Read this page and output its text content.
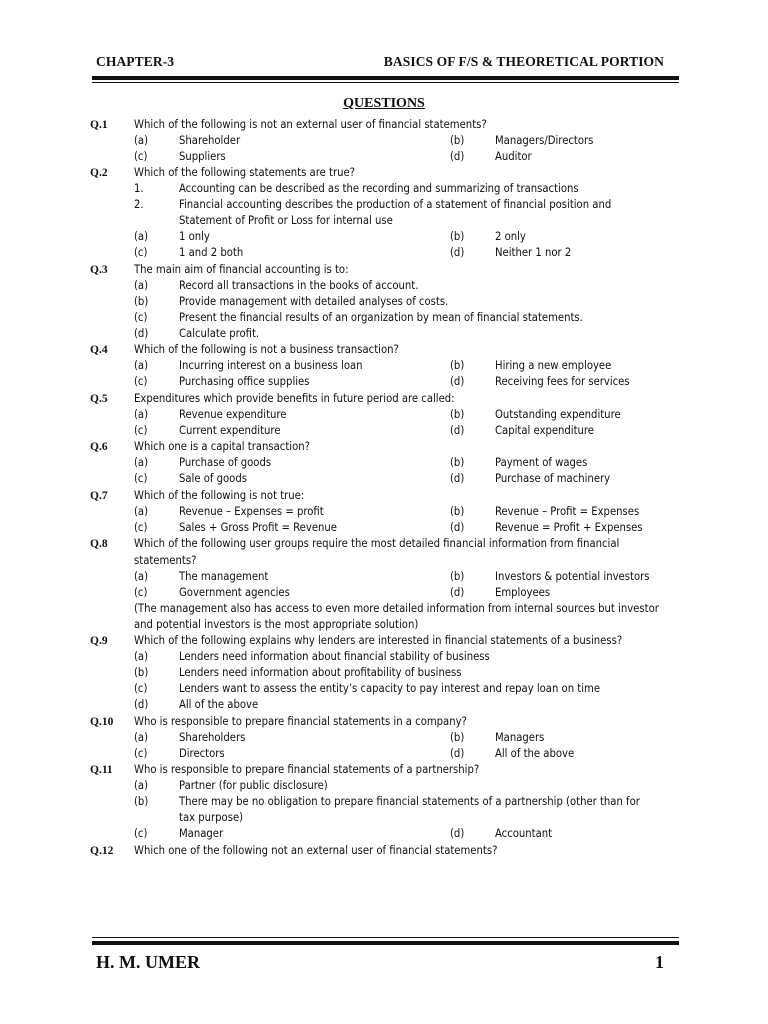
CHAPTER-3	BASICS OF F/S & THEORETICAL PORTION
QUESTIONS
Q.1	Which of the following is not an external user of financial statements?
(a)	Shareholder	(b)	Managers/Directors
(c)	Suppliers	(d)	Auditor
Q.2	Which of the following statements are true?
1.	Accounting can be described as the recording and summarizing of transactions
2.	Financial accounting describes the production of a statement of financial position and
Statement of Profit or Loss for internal use
(a)	1 only	(b)	2 only
(c)	1 and 2 both	(d)	Neither 1 nor 2
Q.3	The main aim of financial accounting is to:
(a)	Record all transactions in the books of account.
(b)	Provide management with detailed analyses of costs.
(c)	Present the financial results of an organization by mean of financial statements.
(d)	Calculate profit.
Q.4	Which of the following is not a business transaction?
(a)	Incurring interest on a business loan	(b)	Hiring a new employee
(c)	Purchasing office supplies	(d)	Receiving fees for services
Q.5	Expenditures which provide benefits in future period are called:
(a)	Revenue expenditure	(b)	Outstanding expenditure
(c)	Current expenditure	(d)	Capital expenditure
Q.6	Which one is a capital transaction?
(a)	Purchase of goods	(b)	Payment of wages
(c)	Sale of goods	(d)	Purchase of machinery
Q.7	Which of the following is not true:
(a)	Revenue – Expenses = profit	(b)	Revenue – Profit = Expenses
(c)	Sales + Gross Profit = Revenue	(d)	Revenue = Profit + Expenses
Q.8	Which of the following user groups require the most detailed financial information from financial
statements?
(a)	The management	(b)	Investors & potential investors
(c)	Government agencies	(d)	Employees
(The management also has access to even more detailed information from internal sources but investor
and potential investors is the most appropriate solution)
Q.9	Which of the following explains why lenders are interested in financial statements of a business?
(a)	Lenders need information about financial stability of business
(b)	Lenders need information about profitability of business
(c)	Lenders want to assess the entity’s capacity to pay interest and repay loan on time
(d)	All of the above
Q.10	Who is responsible to prepare financial statements in a company?
(a)	Shareholders	(b)	Managers
(c)	Directors	(d)	All of the above
Q.11	Who is responsible to prepare financial statements of a partnership?
(a)	Partner (for public disclosure)
(b)	There may be no obligation to prepare financial statements of a partnership (other than for
tax purpose)
(c)	Manager	(d)	Accountant
Q.12	Which one of the following not an external user of financial statements?
H. M. UMER	1
